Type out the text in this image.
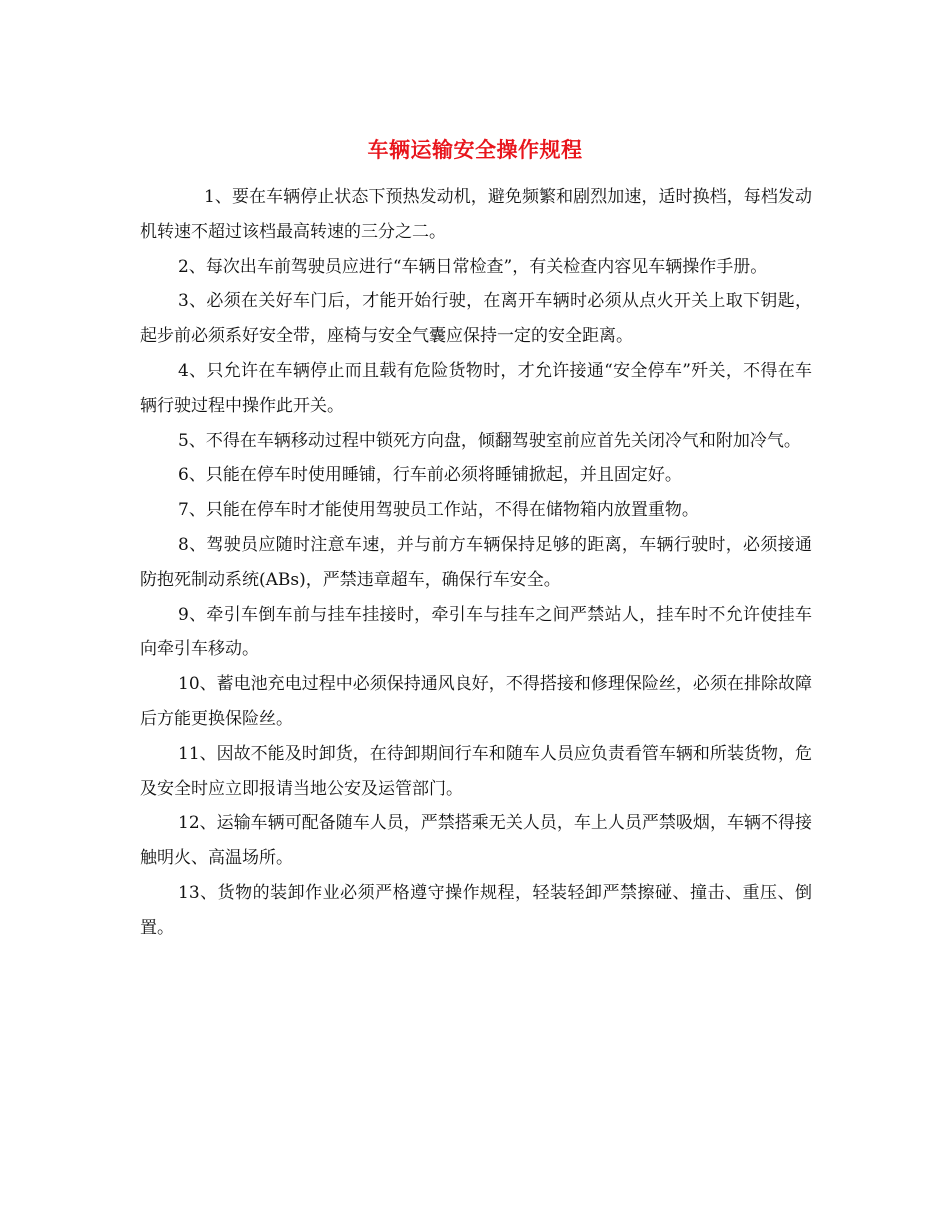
车辆运输安全操作规程

1、要在车辆停止状态下预热发动机，避免频繁和剧烈加速，适时换档，每档发动机转速不超过该档最高转速的三分之二。

2、每次出车前驾驶员应进行“车辆日常检查”，有关检查内容见车辆操作手册。

3、必须在关好车门后，才能开始行驶，在离开车辆时必须从点火开关上取下钥匙，起步前必须系好安全带，座椅与安全气囊应保持一定的安全距离。

4、只允许在车辆停止而且载有危险货物时，才允许接通“安全停车”歼关，不得在车辆行驶过程中操作此开关。

5、不得在车辆移动过程中锁死方向盘，倾翻驾驶室前应首先关闭冷气和附加冷气。

6、只能在停车时使用睡铺，行车前必须将睡铺掀起，并且固定好。

7、只能在停车时才能使用驾驶员工作站，不得在储物箱内放置重物。

8、驾驶员应随时注意车速，并与前方车辆保持足够的距离，车辆行驶时，必须接通防抱死制动系统(ABs)，严禁违章超车，确保行车安全。

9、牵引车倒车前与挂车挂接时，牵引车与挂车之间严禁站人，挂车时不允许使挂车向牵引车移动。

10、蓄电池充电过程中必须保持通风良好，不得搭接和修理保险丝，必须在排除故障后方能更换保险丝。

11、因故不能及时卸货，在待卸期间行车和随车人员应负责看管车辆和所装货物，危及安全时应立即报请当地公安及运管部门。

12、运输车辆可配备随车人员，严禁搭乘无关人员，车上人员严禁吸烟，车辆不得接触明火、高温场所。

13、货物的装卸作业必须严格遵守操作规程，轻装轻卸严禁擦碰、撞击、重压、倒置。
